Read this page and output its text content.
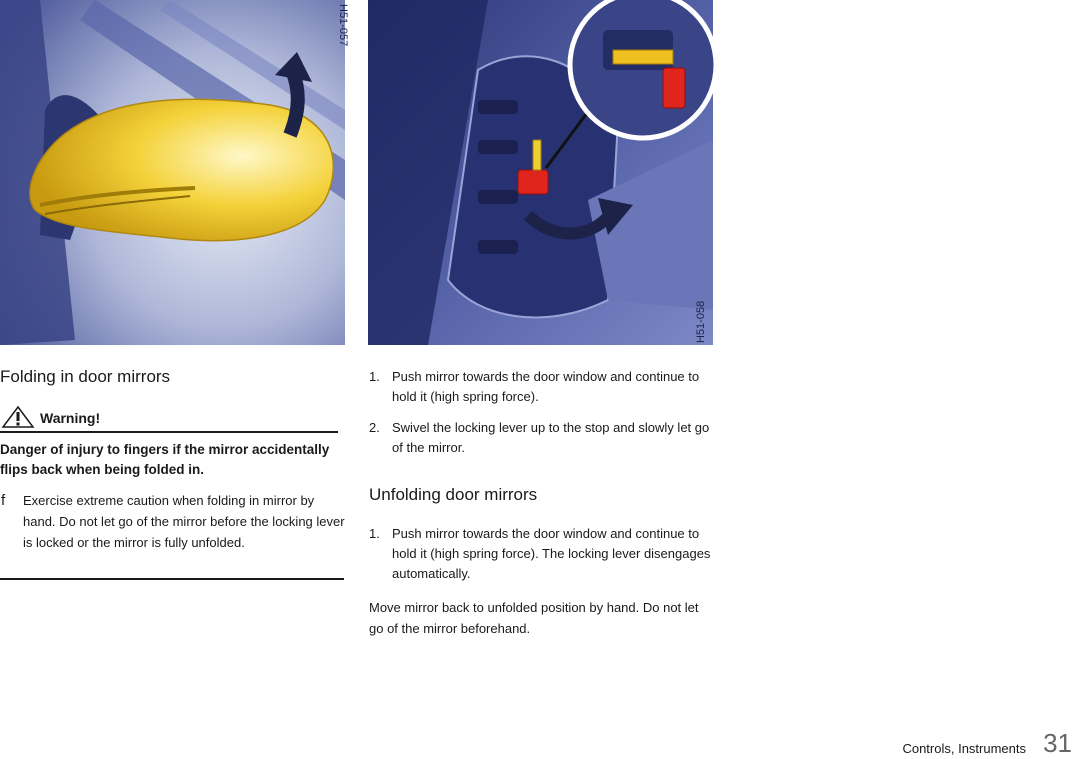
H51-057
H51-058
Folding in door mirrors
Warning!
Danger of injury to fingers if the mirror accidentally flips back when being folded in.
f Exercise extreme caution when folding in mirror by hand. Do not let go of the mirror before the locking lever is locked or the mirror is fully unfolded.
1. Push mirror towards the door window and continue to hold it (high spring force).
2. Swivel the locking lever up to the stop and slowly let go of the mirror.
Unfolding door mirrors
1. Push mirror towards the door window and continue to hold it (high spring force). The locking lever disengages automatically.

Move mirror back to unfolded position by hand. Do not let go of the mirror beforehand.

Controls, Instruments 31
